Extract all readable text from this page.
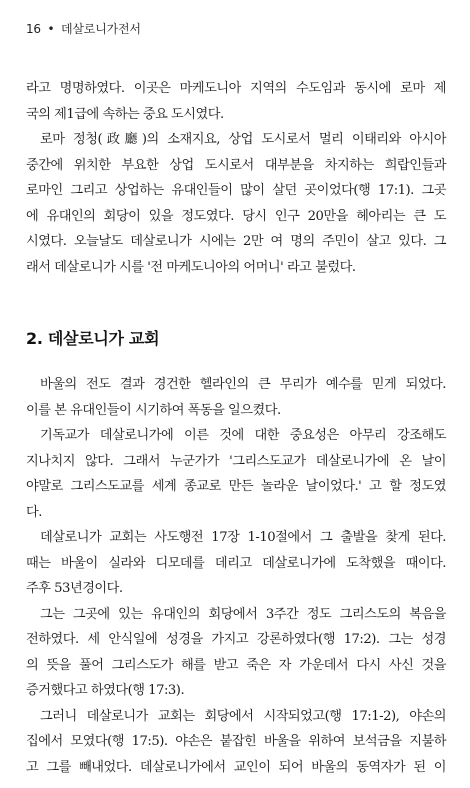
16 • 데살로니가전서
라고 명명하였다. 이곳은 마케도니아 지역의 수도임과 동시에 로마 제
국의 제1급에 속하는 중요 도시였다.
로마 정청(政廳)의 소재지요, 상업 도시로서 멀리 이태리와 아시아
중간에 위치한 부요한 상업 도시로서 대부분을 차지하는 희랍인들과
로마인 그리고 상업하는 유대인들이 많이 살던 곳이었다(행 17:1). 그곳
에 유대인의 회당이 있을 정도였다. 당시 인구 20만을 헤아리는 큰 도
시였다. 오늘날도 데살로니가 시에는 2만 여 명의 주민이 살고 있다. 그
래서 데살로니가 시를 '전 마케도니아의 어머니' 라고 불렀다.
2. 데살로니가 교회
바울의 전도 결과 경건한 헬라인의 큰 무리가 예수를 믿게 되었다.
이를 본 유대인들이 시기하여 폭동을 일으켰다.
기독교가 데살로니가에 이른 것에 대한 중요성은 아무리 강조해도
지나치지 않다. 그래서 누군가가 '그리스도교가 데살로니가에 온 날이
야말로 그리스도교를 세계 종교로 만든 놀라운 날이었다.' 고 할 정도였
다.
데살로니가 교회는 사도행전 17장 1-10절에서 그 출발을 찾게 된다.
때는 바울이 실라와 디모데를 데리고 데살로니가에 도착했을 때이다.
주후 53년경이다.
그는 그곳에 있는 유대인의 회당에서 3주간 정도 그리스도의 복음을
전하였다. 세 안식일에 성경을 가지고 강론하였다(행 17:2). 그는 성경
의 뜻을 풀어 그리스도가 해를 받고 죽은 자 가운데서 다시 사신 것을
증거했다고 하였다(행 17:3).
그러니 데살로니가 교회는 회당에서 시작되었고(행 17:1-2), 야손의
집에서 모였다(행 17:5). 야손은 붙잡힌 바울을 위하여 보석금을 지불하
고 그를 빼내었다. 데살로니가에서 교인이 되어 바울의 동역자가 된 이
